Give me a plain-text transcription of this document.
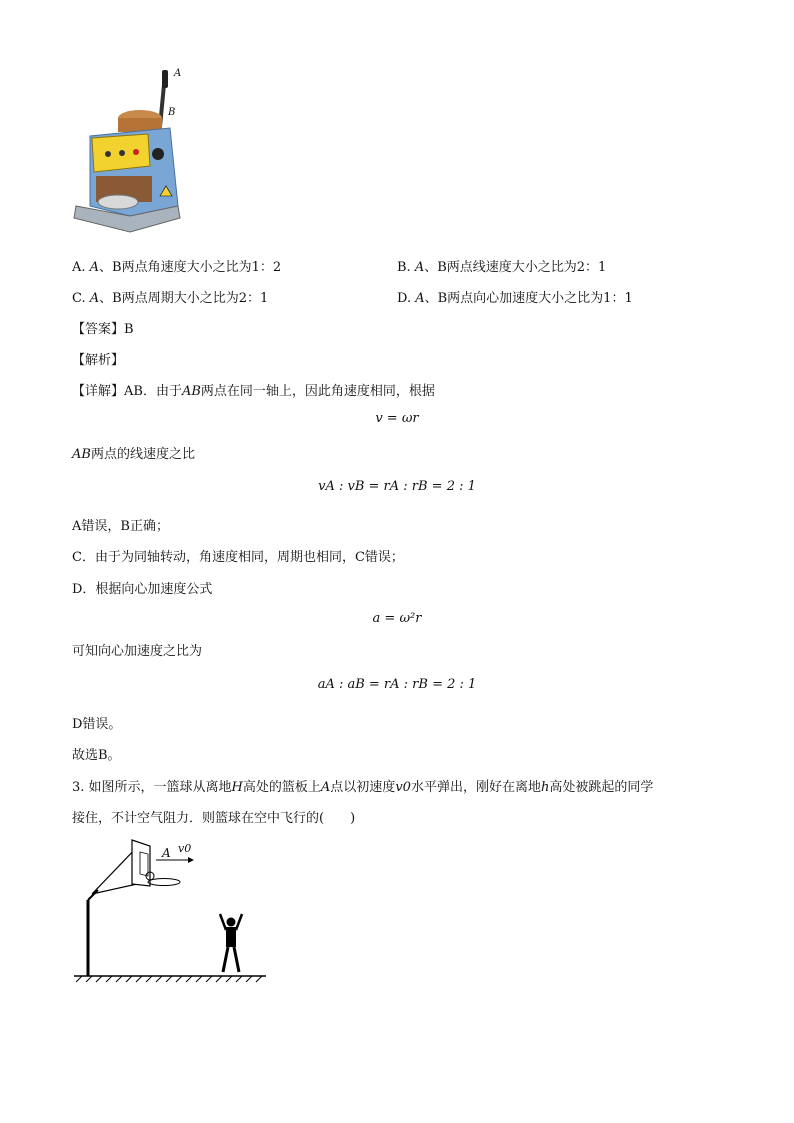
A
B
A. A、B两点角速度大小之比为1：2	B. A、B两点线速度大小之比为2：1
C. A、B两点周期大小之比为2：1	D. A、B两点向心加速度大小之比为1：1
【答案】B
【解析】
【详解】AB．由于AB两点在同一轴上，因此角速度相同，根据
v = ωr
AB两点的线速度之比
vA : vB = rA : rB = 2 : 1
A错误，B正确；
C．由于为同轴转动，角速度相同，周期也相同，C错误；
D．根据向心加速度公式
a = ω²r
可知向心加速度之比为
aA : aB = rA : rB = 2 : 1
D错误。
故选B。
3. 如图所示，一篮球从离地H高处的篮板上A点以初速度v0水平弹出，刚好在离地h高处被跳起的同学
接住，不计空气阻力．则篮球在空中飞行的(　　)
A v0
